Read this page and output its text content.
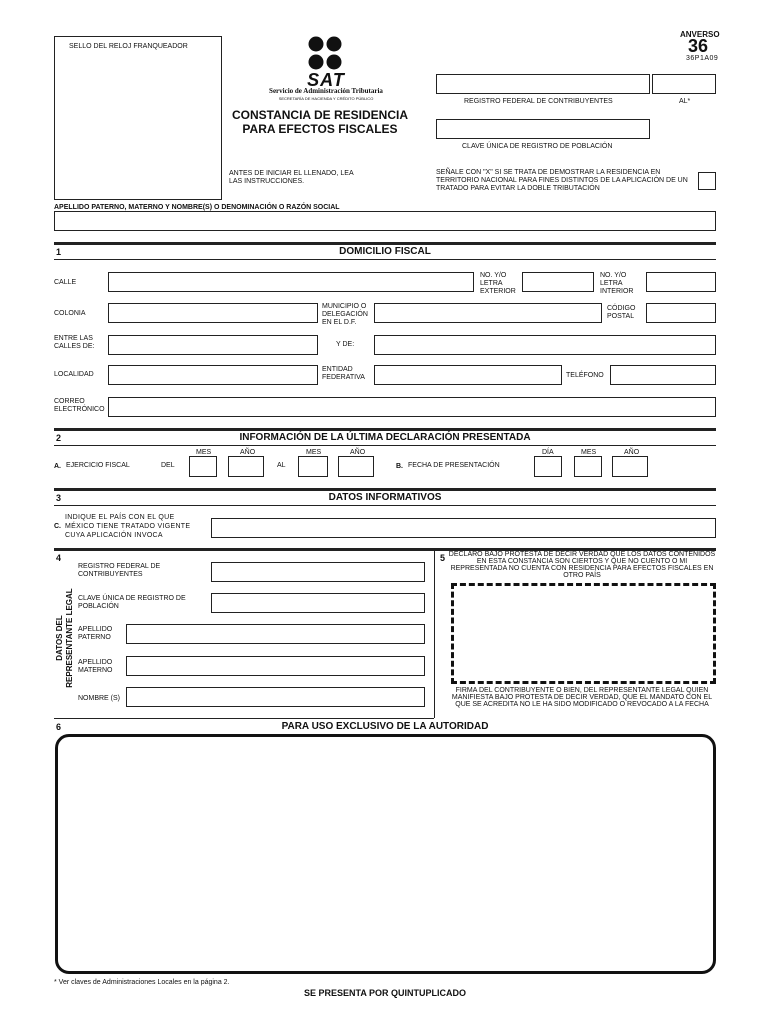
ANVERSO
36
36P1A09
SELLO DEL RELOJ FRANQUEADOR
SAT
Servicio de Administración Tributaria
SECRETARÍA DE HACIENDA Y CRÉDITO PÚBLICO
CONSTANCIA DE RESIDENCIA
PARA EFECTOS FISCALES
REGISTRO FEDERAL DE CONTRIBUYENTES	AL*
CLAVE ÚNICA DE REGISTRO DE POBLACIÓN
ANTES DE INICIAR EL LLENADO, LEA LAS INSTRUCCIONES.
SEÑALE CON "X" SI SE TRATA DE DEMOSTRAR LA RESIDENCIA EN TERRITORIO NACIONAL PARA FINES DISTINTOS DE LA APLICACIÓN DE UN TRATADO PARA EVITAR LA DOBLE TRIBUTACIÓN
APELLIDO PATERNO, MATERNO Y NOMBRE(S) O DENOMINACIÓN O RAZÓN SOCIAL
1	DOMICILIO FISCAL
CALLE
NO. Y/O LETRA EXTERIOR
NO. Y/O LETRA INTERIOR
COLONIA
MUNICIPIO O DELEGACIÓN EN EL D.F.
CÓDIGO POSTAL
ENTRE LAS CALLES DE:	Y DE:
LOCALIDAD
ENTIDAD FEDERATIVA	TELÉFONO
CORREO ELECTRÓNICO
2	INFORMACIÓN DE LA ÚLTIMA DECLARACIÓN PRESENTADA
MES	AÑO	MES	AÑO	DÍA	MES	AÑO
A. EJERCICIO FISCAL	DEL	AL	B. FECHA DE PRESENTACIÓN
3	DATOS INFORMATIVOS
C.
INDIQUE EL PAÍS CON EL QUE MÉXICO TIENE TRATADO VIGENTE CUYA APLICACIÓN INVOCA
4
DATOS DEL REPRESENTANTE LEGAL
REGISTRO FEDERAL DE CONTRIBUYENTES
CLAVE ÚNICA DE REGISTRO DE POBLACIÓN
APELLIDO PATERNO
APELLIDO MATERNO
NOMBRE (S)
5 DECLARO BAJO PROTESTA DE DECIR VERDAD QUE LOS DATOS CONTENIDOS EN ESTA CONSTANCIA SON CIERTOS Y QUE NO CUENTO O MI REPRESENTADA NO CUENTA CON RESIDENCIA PARA EFECTOS FISCALES EN OTRO PAÍS
FIRMA DEL CONTRIBUYENTE O BIEN, DEL REPRESENTANTE LEGAL QUIEN MANIFIESTA BAJO PROTESTA DE DECIR VERDAD, QUE EL MANDATO CON EL QUE SE ACREDITA NO LE HA SIDO MODIFICADO O REVOCADO A LA FECHA
6	PARA USO EXCLUSIVO DE LA AUTORIDAD
* Ver claves de Administraciones Locales en la página 2.
SE PRESENTA POR QUINTUPLICADO
